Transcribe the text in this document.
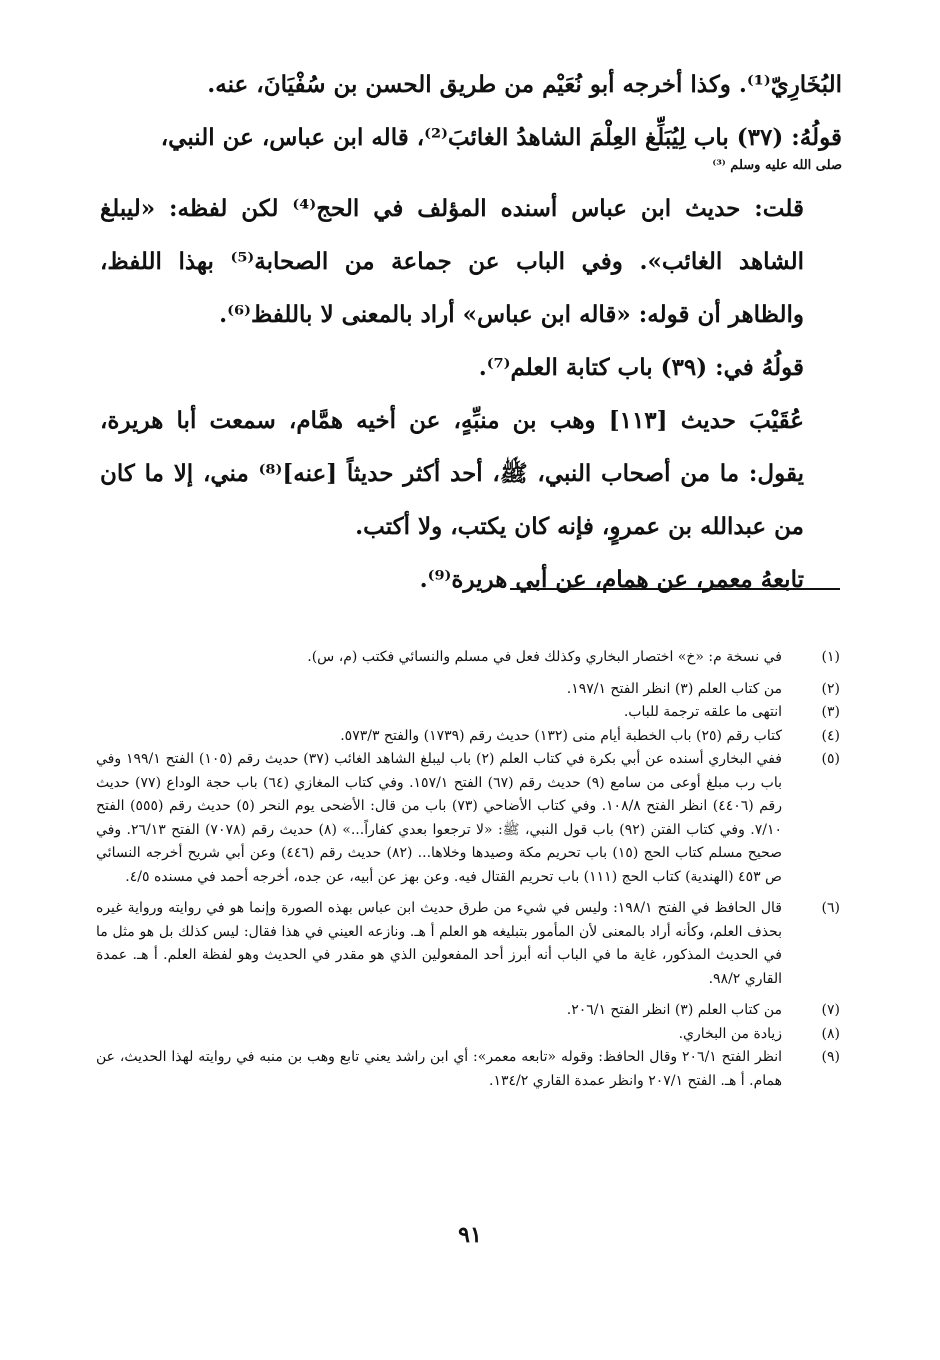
البُخَارِيّ⁽¹⁾. وكذا أخرجه أبو نُعَيْم من طريق الحسن بن سُفْيَانَ، عنه.

قولُهُ: (٣٧) باب لِيُبَلِّغ العِلْمَ الشاهدُ الغائبَ⁽²⁾، قاله ابن عباس، عن النبي،

صلى الله عليه وسلم ⁽³⁾

قلت: حديث ابن عباس أسنده المؤلف في الحج⁽⁴⁾ لكن لفظه: «ليبلغ الشاهد الغائب». وفي الباب عن جماعة من الصحابة⁽⁵⁾ بهذا اللفظ، والظاهر أن قوله: «قاله ابن عباس» أراد بالمعنى لا باللفظ⁽⁶⁾.

قولُهُ في: (٣٩) باب كتابة العلم⁽⁷⁾.

عُقَيْبَ حديث [١١٣] وهب بن منبِّهٍ، عن أخيه همَّام، سمعت أبا هريرة، يقول: ما من أصحاب النبي، ﷺ، أحد أكثر حديثاً [عنه]⁽⁸⁾ مني، إلا ما كان من عبدالله بن عمروٍ، فإنه كان يكتب، ولا أكتب.

تابعهُ معمر، عن همام، عن أبي هريرة⁽⁹⁾.

(١)
في نسخة م: «خ» اختصار البخاري وكذلك فعل في مسلم والنسائي فكتب (م، س).
(٢)
من كتاب العلم (٣) انظر الفتح ١٩٧/١.
(٣)
انتهى ما علقه ترجمة للباب.
(٤)
كتاب رقم (٢٥) باب الخطبة أيام منى (١٣٢) حديث رقم (١٧٣٩) والفتح ٥٧٣/٣.
(٥)
ففي البخاري أسنده عن أبي بكرة في كتاب العلم (٢) باب ليبلغ الشاهد الغائب (٣٧) حديث رقم (١٠٥) الفتح ١٩٩/١ وفي باب رب مبلغ أوعى من سامع (٩) حديث رقم (٦٧) الفتح ١٥٧/١. وفي كتاب المغازي (٦٤) باب حجة الوداع (٧٧) حديث رقم (٤٤٠٦) انظر الفتح ١٠٨/٨. وفي كتاب الأضاحي (٧٣) باب من قال: الأضحى يوم النحر (٥) حديث رقم (٥٥٥) الفتح ٧/١٠. وفي كتاب الفتن (٩٢) باب قول النبي، ﷺ: «لا ترجعوا بعدي كفاراً...» (٨) حديث رقم (٧٠٧٨) الفتح ٢٦/١٣. وفي صحيح مسلم كتاب الحج (١٥) باب تحريم مكة وصيدها وخلاها... (٨٢) حديث رقم (٤٤٦) وعن أبي شريح أخرجه النسائي ص ٤٥٣ (الهندية) كتاب الحج (١١١) باب تحريم القتال فيه. وعن بهز عن أبيه، عن جده، أخرجه أحمد في مسنده ٤/٥.
(٦)
قال الحافظ في الفتح ١٩٨/١: وليس في شيء من طرق حديث ابن عباس بهذه الصورة وإنما هو في روايته ورواية غيره بحذف العلم، وكأنه أراد بالمعنى لأن المأمور بتبليغه هو العلم أ هـ. ونازعه العيني في هذا فقال: ليس كذلك بل هو مثل ما في الحديث المذكور، غاية ما في الباب أنه أبرز أحد المفعولين الذي هو مقدر في الحديث وهو لفظة العلم. أ هـ. عمدة القاري ٩٨/٢.
(٧)
من كتاب العلم (٣) انظر الفتح ٢٠٦/١.
(٨)
زيادة من البخاري.
(٩)
انظر الفتح ٢٠٦/١ وقال الحافظ: وقوله «تابعه معمر»: أي ابن راشد يعني تابع وهب بن منبه في روايته لهذا الحديث، عن همام. أ هـ. الفتح ٢٠٧/١ وانظر عمدة القاري ١٣٤/٢.
٩١
